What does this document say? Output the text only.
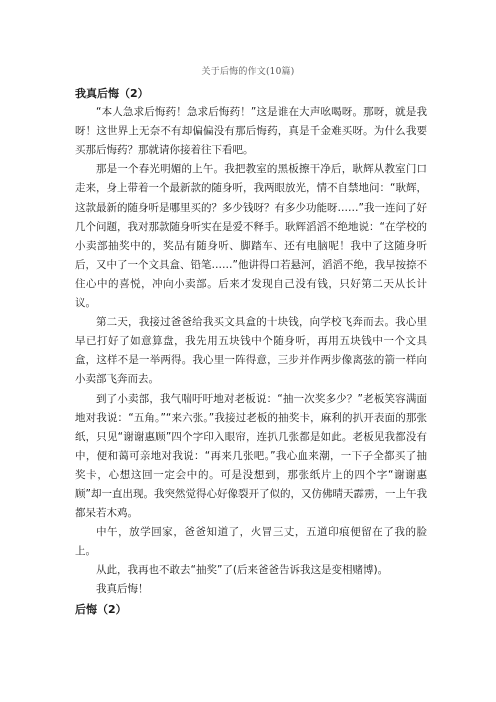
关于后悔的作文(10篇)
我真后悔（2）

“本人急求后悔药！急求后悔药！”这是谁在大声吆喝呀。那呀，就是我呀！这世界上无奈不有却偏偏没有那后悔药，真是千金难买呀。为什么我要买那后悔药？那就请你接着往下看吧。

那是一个春光明媚的上午。我把教室的黑板擦干净后，耿辉从教室门口走来，身上带着一个最新款的随身听，我两眼放光，情不自禁地问：“耿辉，这款最新的随身听是哪里买的？多少钱呀？有多少功能呀……”我一连问了好几个问题，我对那款随身听实在是爱不释手。耿辉滔滔不绝地说：“在学校的小卖部抽奖中的，奖品有随身听、脚踏车、还有电脑呢！我中了这随身听后，又中了一个文具盒、铅笔……”他讲得口若悬河，滔滔不绝，我早按捺不住心中的喜悦，冲向小卖部。后来才发现自己没有钱，只好第二天从长计议。

第二天，我接过爸爸给我买文具盒的十块钱，向学校飞奔而去。我心里早已打好了如意算盘，我先用五块钱中个随身听，再用五块钱中一个文具盒，这样不是一举两得。我心里一阵得意，三步并作两步像离弦的箭一样向小卖部飞奔而去。

到了小卖部，我气喘吁吁地对老板说：“抽一次奖多少？”老板笑容满面地对我说：“五角。”“来六张。”我接过老板的抽奖卡，麻利的扒开表面的那张纸，只见“谢谢惠顾”四个字印入眼帘，连扒几张都是如此。老板见我都没有中，便和蔼可亲地对我说：“再来几张吧。”我心血来潮，一下子全都买了抽奖卡，心想这回一定会中的。可是没想到，那张纸片上的四个字“谢谢惠顾”却一直出现。我突然觉得心好像裂开了似的，又仿佛晴天霹雳，一上午我都呆若木鸡。

中午，放学回家，爸爸知道了，火冒三丈，五道印痕便留在了我的脸上。

从此，我再也不敢去“抽奖”了(后来爸爸告诉我这是变相赌博)。

我真后悔！

后悔（2）
